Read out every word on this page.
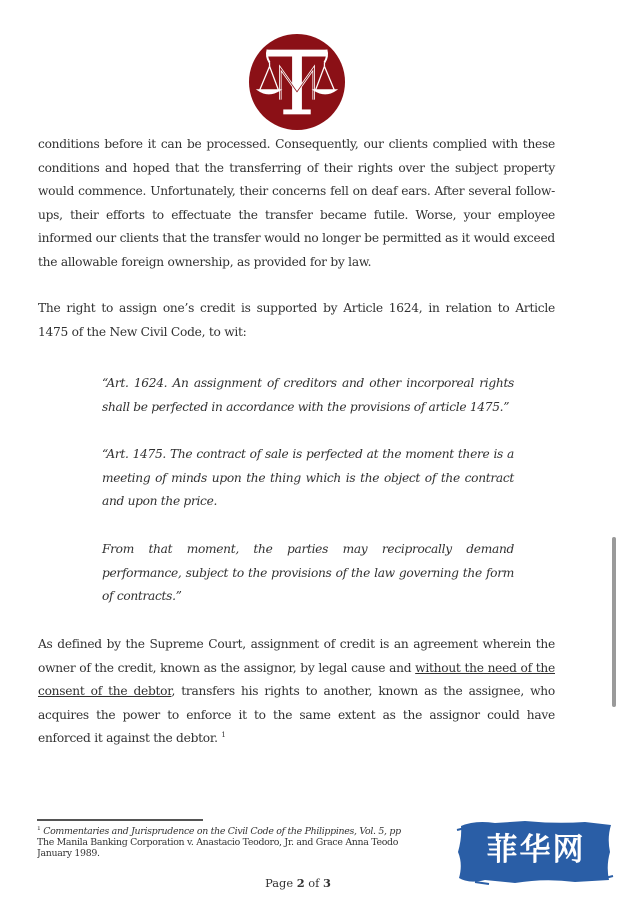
conditions before it can be processed. Consequently, our clients complied with these conditions and hoped that the transferring of their rights over the subject property would commence. Unfortunately, their concerns fell on deaf ears. After several follow-ups, their efforts to effectuate the transfer became futile. Worse, your employee informed our clients that the transfer would no longer be permitted as it would exceed the allowable foreign ownership, as provided for by law.
The right to assign one’s credit is supported by Article 1624, in relation to Article 1475 of the New Civil Code, to wit:
“Art. 1624. An assignment of creditors and other incorporeal rights shall be perfected in accordance with the provisions of article 1475.”
“Art. 1475. The contract of sale is perfected at the moment there is a meeting of minds upon the thing which is the object of the contract and upon the price.
From that moment, the parties may reciprocally demand performance, subject to the provisions of the law governing the form of contracts.”
As defined by the Supreme Court, assignment of credit is an agreement wherein the owner of the credit, known as the assignor, by legal cause and without the need of the consent of the debtor, transfers his rights to another, known as the assignee, who acquires the power to enforce it to the same extent as the assignor could have enforced it against the debtor. $^1$
$^1$ Commentaries and Jurisprudence on the Civil Code of the Philippines, Vol. 5, pp
The Manila Banking Corporation v. Anastacio Teodoro, Jr. and Grace Anna Teodo
January 1989.
Page 2 of 3
菲华网
